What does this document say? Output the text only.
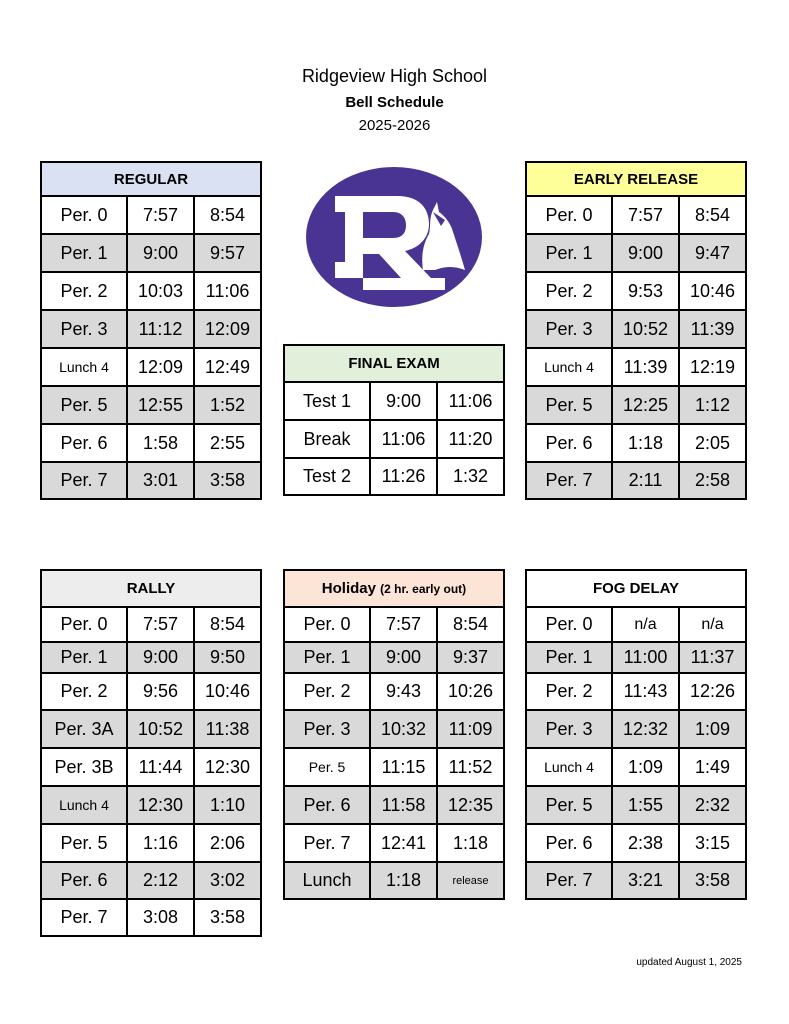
Ridgeview High School
Bell Schedule
2025-2026
REGULAR		
Per. 0	7:57	8:54
Per. 1	9:00	9:57
Per. 2	10:03	11:06
Per. 3	11:12	12:09
Lunch 4	12:09	12:49
Per. 5	12:55	1:52
Per. 6	1:58	2:55
Per. 7	3:01	3:58
EARLY RELEASE		
Per. 0	7:57	8:54
Per. 1	9:00	9:47
Per. 2	9:53	10:46
Per. 3	10:52	11:39
Lunch 4	11:39	12:19
Per. 5	12:25	1:12
Per. 6	1:18	2:05
Per. 7	2:11	2:58
FINAL EXAM		
Test 1	9:00	11:06
Break	11:06	11:20
Test 2	11:26	1:32
RALLY		
Per. 0	7:57	8:54
Per. 1	9:00	9:50
Per. 2	9:56	10:46
Per. 3A	10:52	11:38
Per. 3B	11:44	12:30
Lunch 4	12:30	1:10
Per. 5	1:16	2:06
Per. 6	2:12	3:02
Per. 7	3:08	3:58
Holiday (2 hr. early out)		
Per. 0	7:57	8:54
Per. 1	9:00	9:37
Per. 2	9:43	10:26
Per. 3	10:32	11:09
Per. 5	11:15	11:52
Per. 6	11:58	12:35
Per. 7	12:41	1:18
Lunch	1:18	release
FOG DELAY		
Per. 0	n/a	n/a
Per. 1	11:00	11:37
Per. 2	11:43	12:26
Per. 3	12:32	1:09
Lunch 4	1:09	1:49
Per. 5	1:55	2:32
Per. 6	2:38	3:15
Per. 7	3:21	3:58
updated August 1, 2025
